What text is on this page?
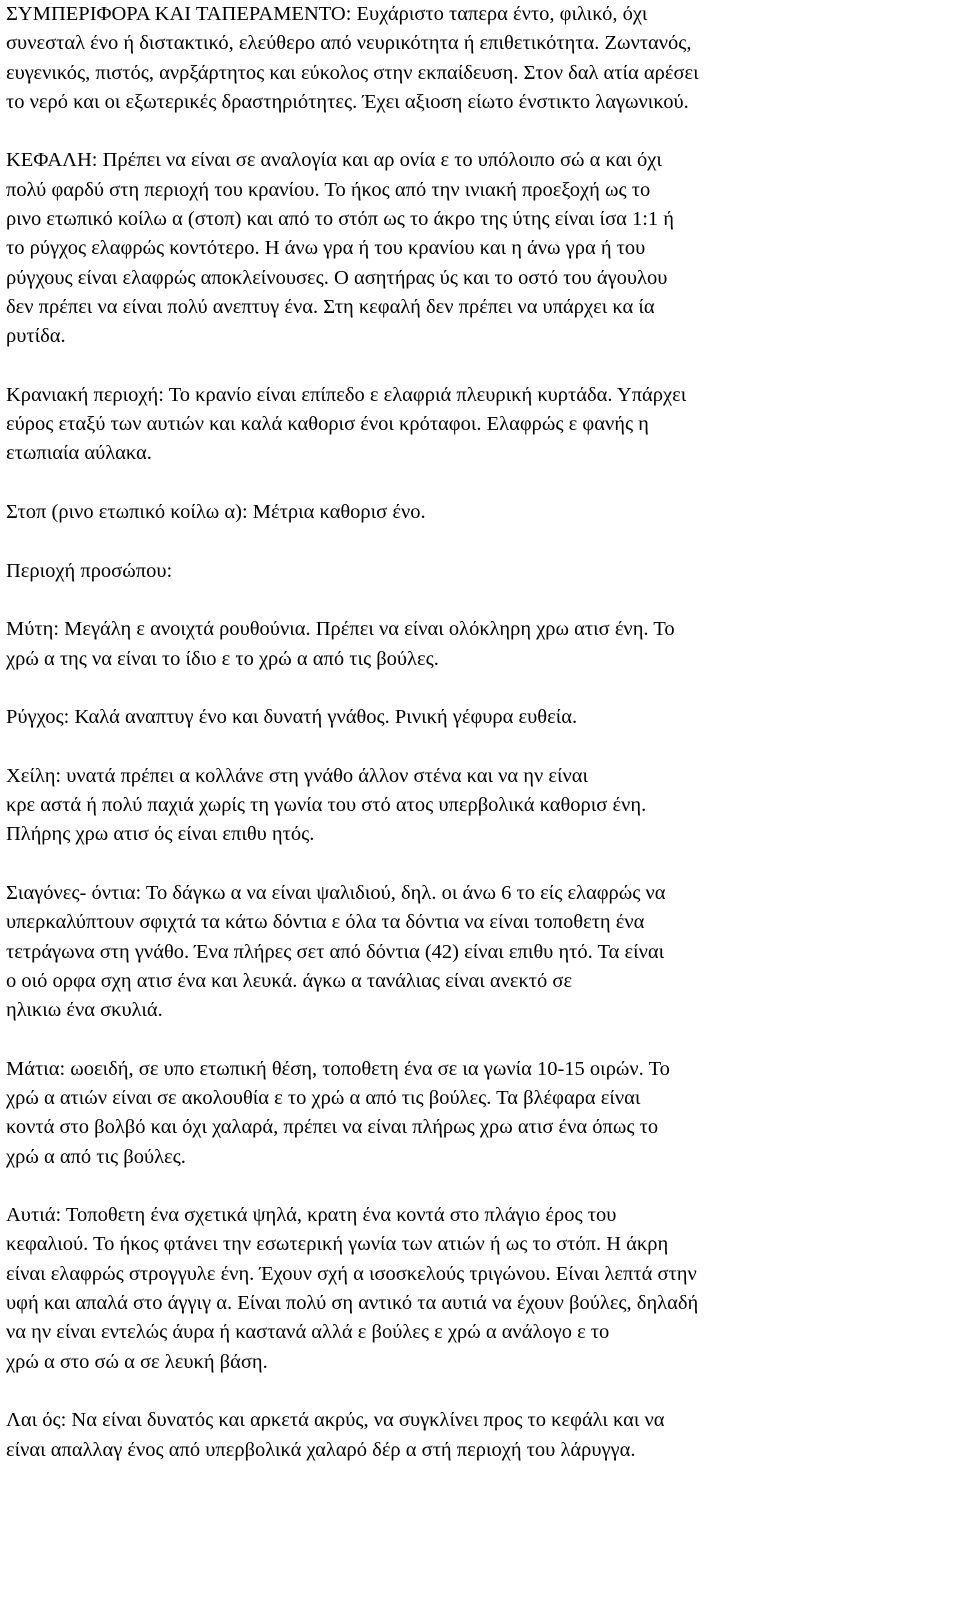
ΣΥΜΠΕΡΙΦΟΡΑ ΚΑΙ ΤΑΠΕΡΑΜΕΝΤΟ: Ευχάριστο ταπερα έντο, φιλικό, όχι
συνεσταλ ένο ή διστακτικό, ελεύθερο από νευρικότητα ή επιθετικότητα. Ζωντανός,
ευγενικός, πιστός, ανρξάρτητος και εύκολος στην εκπαίδευση. Στον δαλ ατία αρέσει
το νερό και οι εξωτερικές δραστηριότητες. Έχει αξιοση είωτο ένστικτο λαγωνικού.
ΚΕΦΑΛΗ: Πρέπει να είναι σε αναλογία και αρ ονία ε το υπόλοιπο σώ α και όχι
πολύ φαρδύ στη περιοχή του κρανίου. Το ήκος από την ινιακή προεξοχή ως το
ρινο ετωπικό κοίλω α (στοπ) και από το στόπ ως το άκρο της ύτης είναι ίσα 1:1 ή
το ρύγχος ελαφρώς κοντότερο. Η άνω γρα ή του κρανίου και η άνω γρα ή του
ρύγχους είναι ελαφρώς αποκλείνουσες. Ο ασητήρας ύς και το οστό του άγουλου
δεν πρέπει να είναι πολύ ανεπτυγ ένα. Στη κεφαλή δεν πρέπει να υπάρχει κα ία
ρυτίδα.
Κρανιακή περιοχή: Το κρανίο είναι επίπεδο ε ελαφριά πλευρική κυρτάδα. Υπάρχει
εύρος εταξύ των αυτιών και καλά καθορισ ένοι κρόταφοι. Ελαφρώς ε φανής η
ετωπιαία αύλακα.
Στοπ (ρινο ετωπικό κοίλω α): Μέτρια καθορισ ένο.
Περιοχή προσώπου:
Μύτη: Μεγάλη ε ανοιχτά ρουθούνια. Πρέπει να είναι ολόκληρη χρω ατισ ένη. Το
χρώ α της να είναι το ίδιο ε το χρώ α από τις βούλες.
Ρύγχος: Καλά αναπτυγ ένο και δυνατή γνάθος. Ρινική γέφυρα ευθεία.
Χείλη: υνατά πρέπει α κολλάνε στη γνάθο άλλον στένα και να ην είναι
κρε αστά ή πολύ παχιά χωρίς τη γωνία του στό ατος υπερβολικά καθορισ ένη.
Πλήρης χρω ατισ ός είναι επιθυ ητός.
Σιαγόνες- όντια: Το δάγκω α να είναι ψαλιδιού, δηλ. οι άνω 6 το είς ελαφρώς να
υπερκαλύπτουν σφιχτά τα κάτω δόντια ε όλα τα δόντια να είναι τοποθετη ένα
τετράγωνα στη γνάθο. Ένα πλήρες σετ από δόντια (42) είναι επιθυ ητό. Τα είναι
ο οιό ορφα σχη ατισ ένα και λευκά. άγκω α τανάλιας είναι ανεκτό σε
ηλικιω ένα σκυλιά.
Μάτια: ωοειδή, σε υπο ετωπική θέση, τοποθετη ένα σε ια γωνία 10-15 οιρών. Το
χρώ α ατιών είναι σε ακολουθία ε το χρώ α από τις βούλες. Τα βλέφαρα είναι
κοντά στο βολβό και όχι χαλαρά, πρέπει να είναι πλήρως χρω ατισ ένα όπως το
χρώ α από τις βούλες.
Αυτιά: Τοποθετη ένα σχετικά ψηλά, κρατη ένα κοντά στο πλάγιο έρος του
κεφαλιού. Το ήκος φτάνει την εσωτερική γωνία των ατιών ή ως το στόπ. Η άκρη
είναι ελαφρώς στρογγυλε ένη. Έχουν σχή α ισοσκελούς τριγώνου. Είναι λεπτά στην
υφή και απαλά στο άγγιγ α. Είναι πολύ ση αντικό τα αυτιά να έχουν βούλες, δηλαδή
να ην είναι εντελώς άυρα ή καστανά αλλά ε βούλες ε χρώ α ανάλογο ε το
χρώ α στο σώ α σε λευκή βάση.
Λαι ός: Να είναι δυνατός και αρκετά ακρύς, να συγκλίνει προς το κεφάλι και να
είναι απαλλαγ ένος από υπερβολικά χαλαρό δέρ α στή περιοχή του λάρυγγα.
